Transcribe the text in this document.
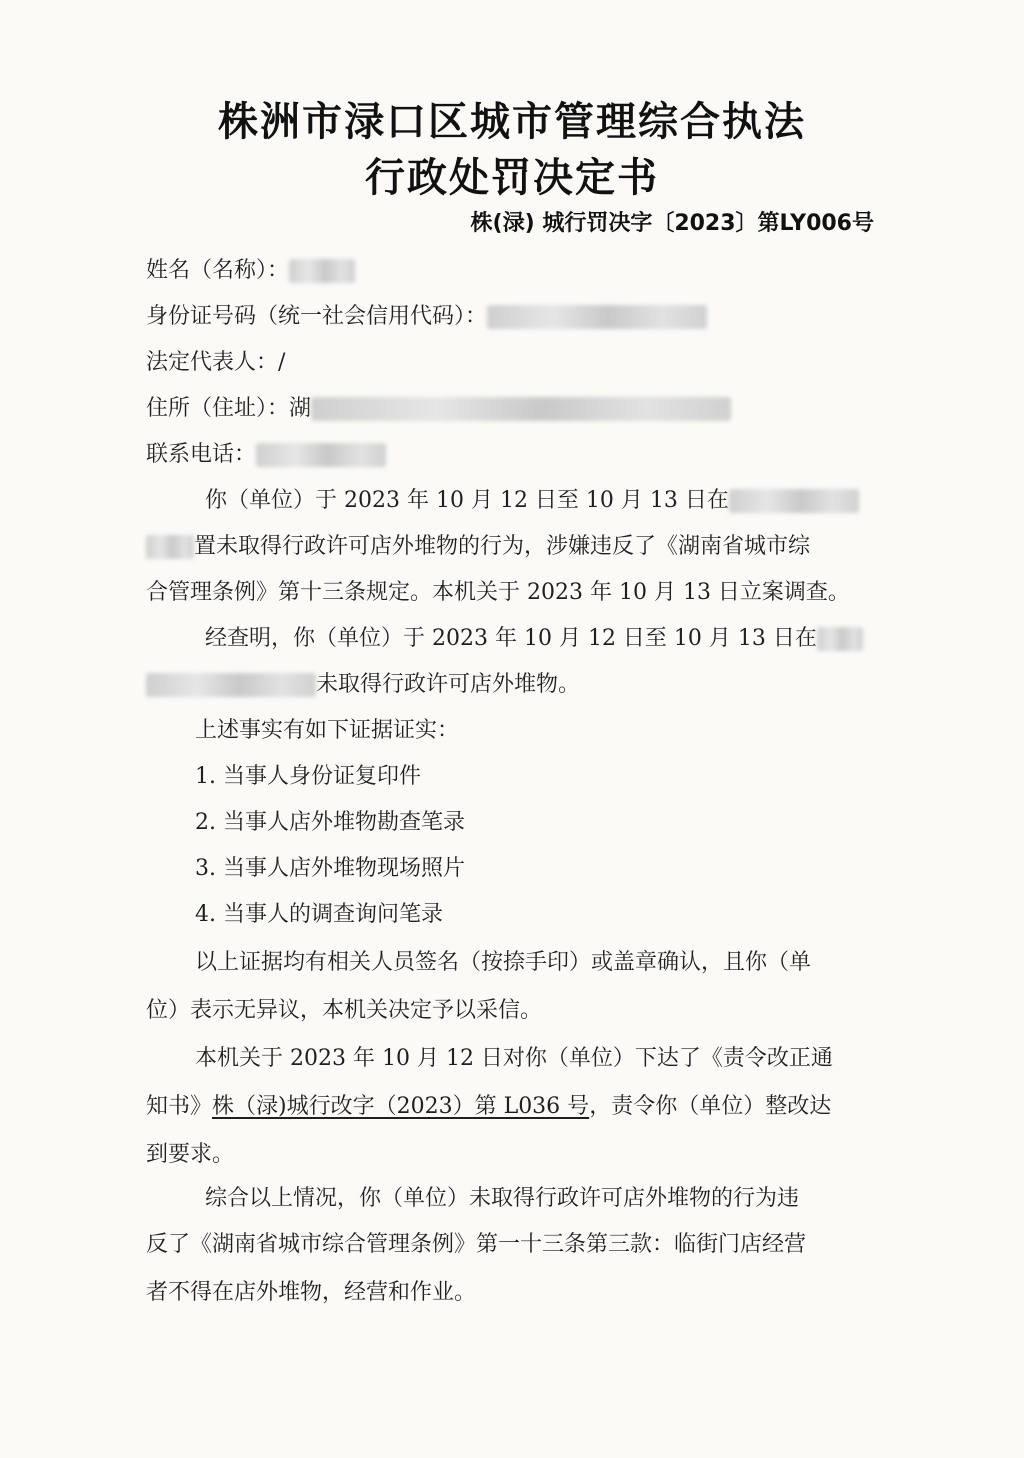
株洲市渌口区城市管理综合执法
行政处罚决定书
株(渌) 城行罚决字〔2023〕第LY006号
姓名（名称）：
身份证号码（统一社会信用代码）：
法定代表人：/
住所（住址）：湖
联系电话：
你（单位）于 2023 年 10 月 12 日至 10 月 13 日在
置未取得行政许可店外堆物的行为，涉嫌违反了《湖南省城市综
合管理条例》第十三条规定。本机关于 2023 年 10 月 13 日立案调查。
经查明，你（单位）于 2023 年 10 月 12 日至 10 月 13 日在
未取得行政许可店外堆物。
上述事实有如下证据证实：
1. 当事人身份证复印件
2. 当事人店外堆物勘查笔录
3. 当事人店外堆物现场照片
4. 当事人的调查询问笔录
以上证据均有相关人员签名（按捺手印）或盖章确认，且你（单
位）表示无异议，本机关决定予以采信。
本机关于 2023 年 10 月 12 日对你（单位）下达了《责令改正通
知书》株（渌)城行改字（2023）第 L036 号，责令你（单位）整改达
到要求。
综合以上情况，你（单位）未取得行政许可店外堆物的行为违
反了《湖南省城市综合管理条例》第一十三条第三款：临街门店经营
者不得在店外堆物，经营和作业。
